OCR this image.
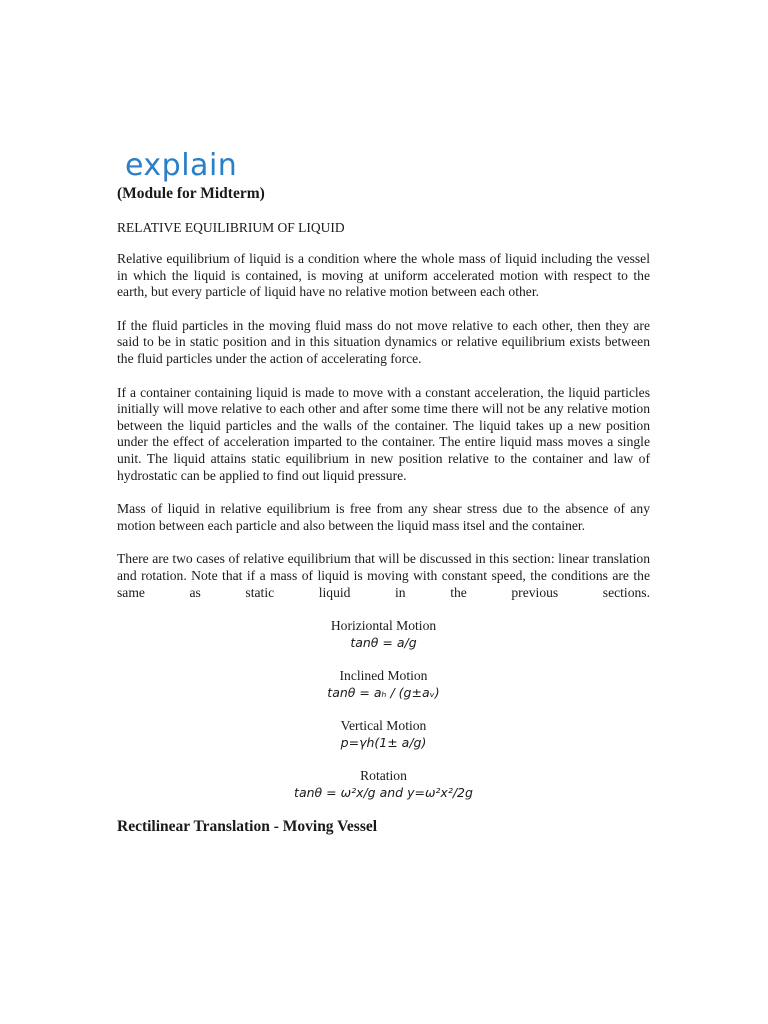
explain
(Module for Midterm)
RELATIVE EQUILIBRIUM OF LIQUID

Relative equilibrium of liquid is a condition where the whole mass of liquid including the vessel in which the liquid is contained, is moving at uniform accelerated motion with respect to the earth, but every particle of liquid have no relative motion between each other.

If the fluid particles in the moving fluid mass do not move relative to each other, then they are said to be in static position and in this situation dynamics or relative equilibrium exists between the fluid particles under the action of accelerating force.

If a container containing liquid is made to move with a constant acceleration, the liquid particles initially will move relative to each other and after some time there will not be any relative motion between the liquid particles and the walls of the container. The liquid takes up a new position under the effect of acceleration imparted to the container. The entire liquid mass moves a single unit. The liquid attains static equilibrium in new position relative to the container and law of hydrostatic can be applied to find out liquid pressure.

Mass of liquid in relative equilibrium is free from any shear stress due to the absence of any motion between each particle and also between the liquid mass itsel and the container.

There are two cases of relative equilibrium that will be discussed in this section: linear translation and rotation. Note that if a mass of liquid is moving with constant speed, the conditions are the same as static liquid in the previous sections.

Horiziontal Motion
tanθ = a/g
Inclined Motion
tanθ = aₕ / (g±aᵥ)
Vertical Motion
p=γh(1± a/g)
Rotation
tanθ = ω²x/g and y=ω²x²/2g
Rectilinear Translation - Moving Vessel
